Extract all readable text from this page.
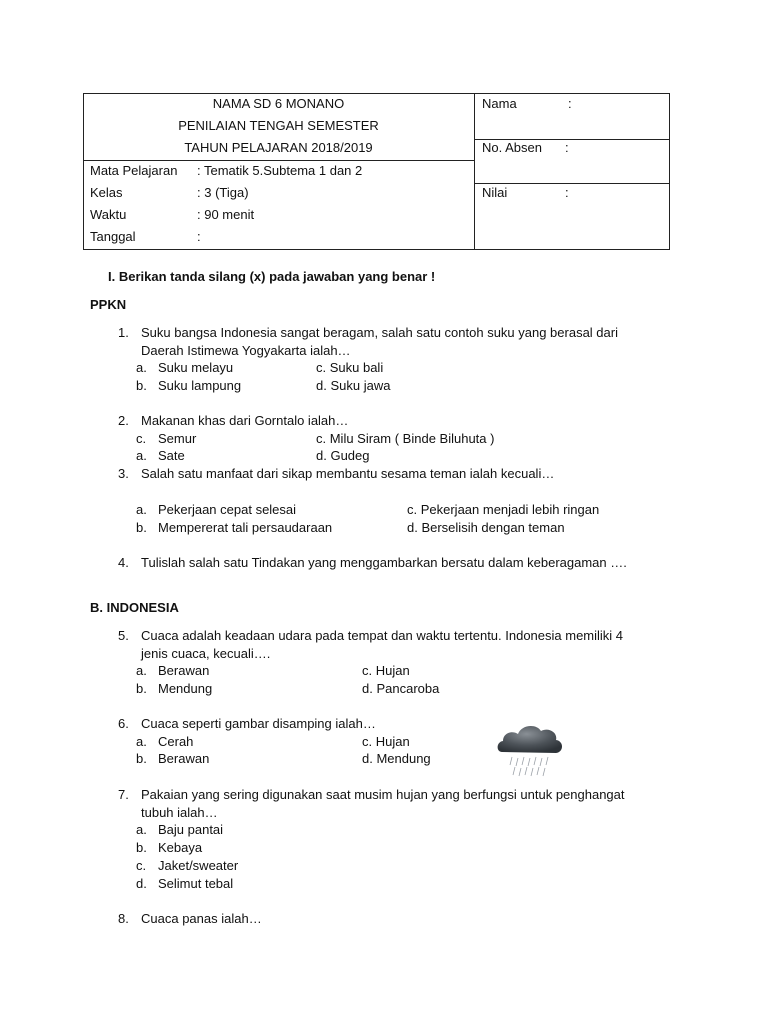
NAMA SD 6 MONANO
PENILAIAN TENGAH SEMESTER
TAHUN PELAJARAN 2018/2019
Mata Pelajaran : Tematik 5.Subtema 1 dan 2
Kelas	: 3 (Tiga)
Waktu	: 90 menit
Tanggal	:
Nama	:
No. Absen :
Nilai	:
I. Berikan tanda silang (x) pada jawaban yang benar !
PPKN
1. Suku bangsa Indonesia sangat beragam, salah satu contoh suku yang berasal dari
Daerah Istimewa Yogyakarta ialah…
a. Suku melayu	c. Suku bali
b. Suku lampung	d. Suku jawa
2. Makanan khas dari Gorntalo ialah…
c. Semur	c. Milu Siram ( Binde Biluhuta )
a. Sate	d. Gudeg
3. Salah satu manfaat dari sikap membantu sesama teman ialah kecuali…
a. Pekerjaan cepat selesai	c. Pekerjaan menjadi lebih ringan
b. Mempererat tali persaudaraan	d. Berselisih dengan teman
4. Tulislah salah satu Tindakan yang menggambarkan bersatu dalam keberagaman ….
B. INDONESIA
5. Cuaca adalah keadaan udara pada tempat dan waktu tertentu. Indonesia memiliki 4
jenis cuaca, kecuali….
a. Berawan	c. Hujan
b. Mendung	d. Pancaroba
6. Cuaca seperti gambar disamping ialah…
a. Cerah	c. Hujan
b. Berawan	d. Mendung
7. Pakaian yang sering digunakan saat musim hujan yang berfungsi untuk penghangat
tubuh ialah…
a. Baju pantai
b. Kebaya
c. Jaket/sweater
d. Selimut tebal
8. Cuaca panas ialah…
